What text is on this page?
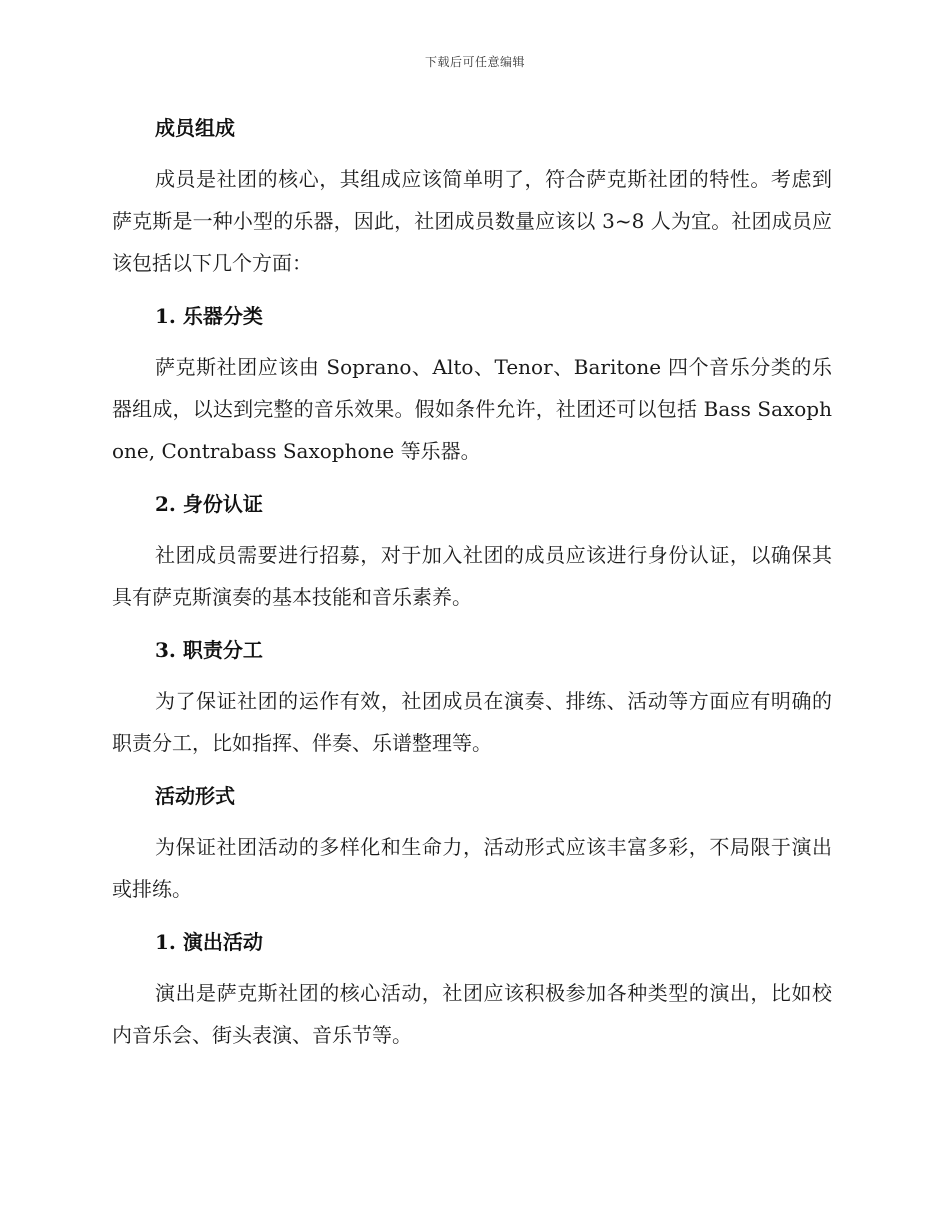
下载后可任意编辑

成员组成

成员是社团的核心，其组成应该简单明了，符合萨克斯社团的特性。考虑到萨克斯是一种小型的乐器，因此，社团成员数量应该以 3~8 人为宜。社团成员应该包括以下几个方面：

1. 乐器分类

萨克斯社团应该由 Soprano、Alto、Tenor、Baritone 四个音乐分类的乐器组成，以达到完整的音乐效果。假如条件允许，社团还可以包括 Bass Saxophone, Contrabass Saxophone 等乐器。

2. 身份认证

社团成员需要进行招募，对于加入社团的成员应该进行身份认证，以确保其具有萨克斯演奏的基本技能和音乐素养。

3. 职责分工

为了保证社团的运作有效，社团成员在演奏、排练、活动等方面应有明确的职责分工，比如指挥、伴奏、乐谱整理等。

活动形式

为保证社团活动的多样化和生命力，活动形式应该丰富多彩，不局限于演出或排练。

1. 演出活动

演出是萨克斯社团的核心活动，社团应该积极参加各种类型的演出，比如校内音乐会、街头表演、音乐节等。
